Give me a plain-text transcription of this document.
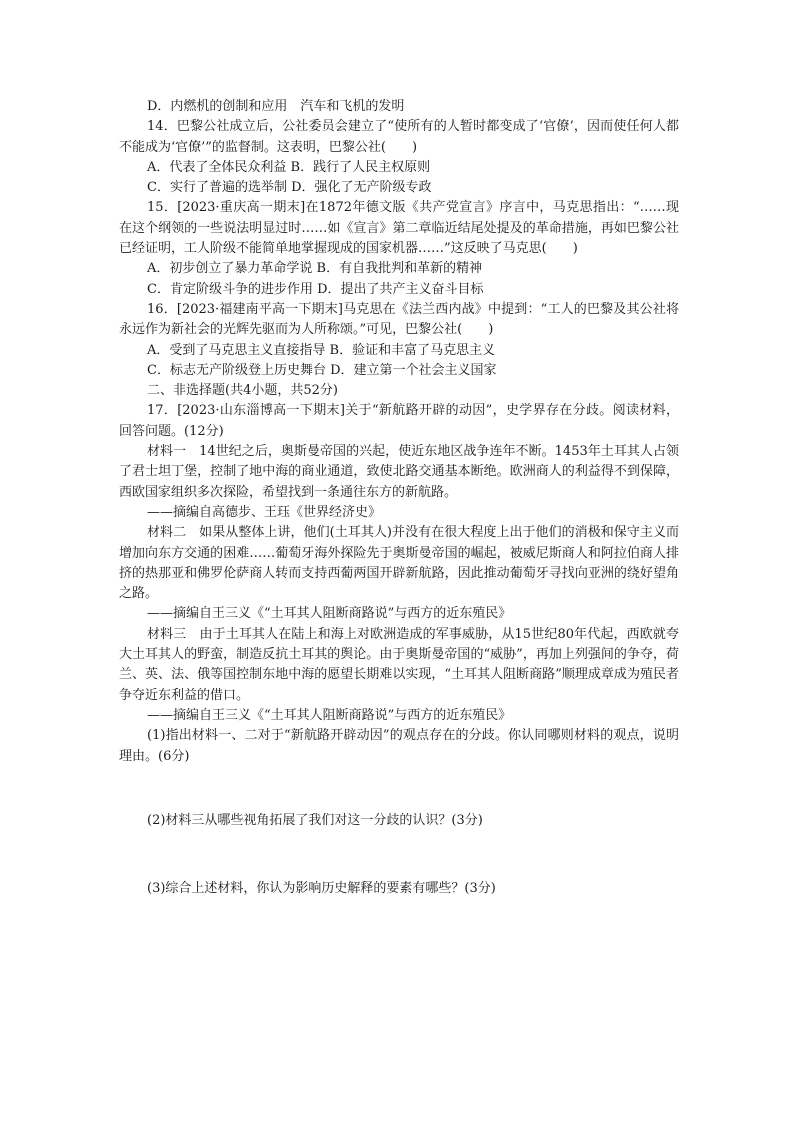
D．内燃机的创制和应用　汽车和飞机的发明

14．巴黎公社成立后，公社委员会建立了“使所有的人暂时都变成了‘官僚’，因而使任何人都不能成为‘官僚’”的监督制。这表明，巴黎公社(　　)

A．代表了全体民众利益 B．践行了人民主权原则

C．实行了普遍的选举制 D．强化了无产阶级专政

15．[2023·重庆高一期末]在1872年德文版《共产党宣言》序言中，马克思指出：“……现在这个纲领的一些说法明显过时……如《宣言》第二章临近结尾处提及的革命措施，再如巴黎公社已经证明，工人阶级不能简单地掌握现成的国家机器……”这反映了马克思(　　)

A．初步创立了暴力革命学说 B．有自我批判和革新的精神

C．肯定阶级斗争的进步作用 D．提出了共产主义奋斗目标

16．[2023·福建南平高一下期末]马克思在《法兰西内战》中提到：“工人的巴黎及其公社将永远作为新社会的光辉先驱而为人所称颂。”可见，巴黎公社(　　)

A．受到了马克思主义直接指导 B．验证和丰富了马克思主义

C．标志无产阶级登上历史舞台 D．建立第一个社会主义国家

二、非选择题(共4小题，共52分)

17．[2023·山东淄博高一下期末]关于“新航路开辟的动因”，史学界存在分歧。阅读材料，回答问题。(12分)

材料一　14世纪之后，奥斯曼帝国的兴起，使近东地区战争连年不断。1453年土耳其人占领了君士坦丁堡，控制了地中海的商业通道，致使北路交通基本断绝。欧洲商人的利益得不到保障，西欧国家组织多次探险，希望找到一条通往东方的新航路。

——摘编自高德步、王珏《世界经济史》

材料二　如果从整体上讲，他们(土耳其人)并没有在很大程度上出于他们的消极和保守主义而增加向东方交通的困难……葡萄牙海外探险先于奥斯曼帝国的崛起，被威尼斯商人和阿拉伯商人排挤的热那亚和佛罗伦萨商人转而支持西葡两国开辟新航路，因此推动葡萄牙寻找向亚洲的绕好望角之路。

——摘编自王三义《“土耳其人阻断商路说”与西方的近东殖民》

材料三　由于土耳其人在陆上和海上对欧洲造成的军事威胁，从15世纪80年代起，西欧就夸大土耳其人的野蛮，制造反抗土耳其的舆论。由于奥斯曼帝国的“威胁”，再加上列强间的争夺，荷兰、英、法、俄等国控制东地中海的愿望长期难以实现，“土耳其人阻断商路”顺理成章成为殖民者争夺近东利益的借口。

——摘编自王三义《“土耳其人阻断商路说”与西方的近东殖民》

(1)指出材料一、二对于“新航路开辟动因”的观点存在的分歧。你认同哪则材料的观点，说明理由。(6分)

(2)材料三从哪些视角拓展了我们对这一分歧的认识？(3分)

(3)综合上述材料，你认为影响历史解释的要素有哪些？(3分)
